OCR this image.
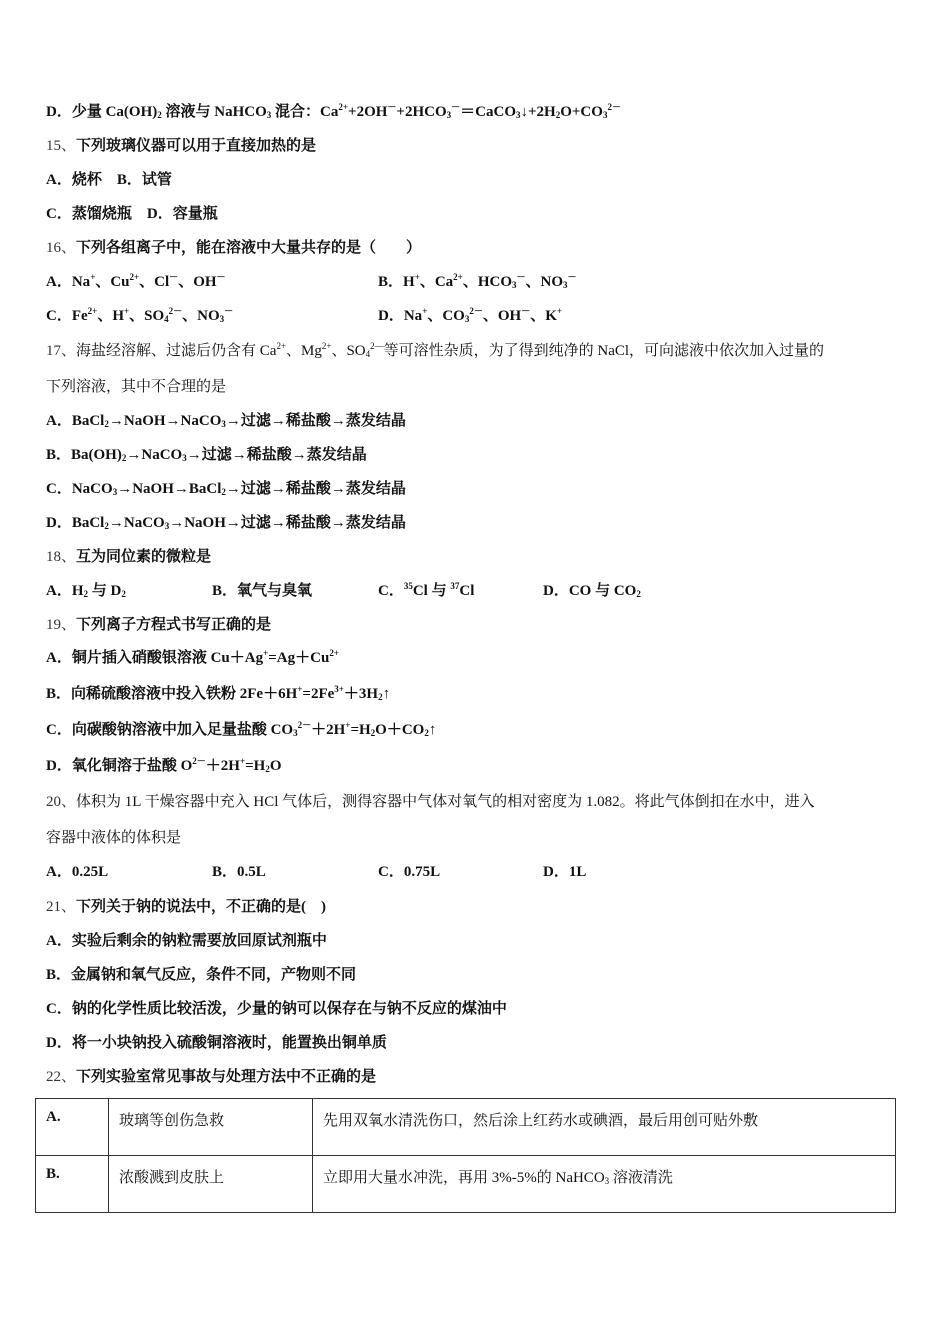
D．少量 $Ca(OH)_2$ 溶液与 NaHCO$_3$ 混合：$Ca^{2+}+2OH^-+2HCO_3^-=CaCO_3↓+2H_2O+CO_3^{2-}$
15、下列玻璃仪器可以用于直接加热的是
A．烧杯　 B．试管
C．蒸馏烧瓶　 D．容量瓶
16、下列各组离子中，能在溶液中大量共存的是（　　）
A．Na+、$Cu^{2+}$、Cl－、OH－	B．H+、$Ca^{2+}$、$HCO_3^-$、$NO_3^-$
C．$Fe^{2+}$、H+、$SO_4^{2-}$、$NO_3^-$	D．Na+、$CO_3^{2-}$、OH－、K+
17、海盐经溶解、过滤后仍含有 $Ca^{2+}$、$Mg^{2+}$、$SO_4^{2—}$等可溶性杂质，为了得到纯净的 NaCl，可向滤液中依次加入过量的
下列溶液，其中不合理的是
A．BaCl$_2$→NaOH→NaCO$_3$→过滤→稀盐酸→蒸发结晶
B．$Ba(OH)_2\to NaCO_3\to$过滤→稀盐酸→蒸发结晶
C．NaCO$_3$→NaOH→BaCl$_2$→过滤→稀盐酸→蒸发结晶
D．BaCl$_2$→NaCO$_3$→NaOH→过滤→稀盐酸→蒸发结晶
18、互为同位素的微粒是
A．$H_2$ 与 $D_2$	B．氧气与臭氧	C．$^{35}$Cl 与 $^{37}$Cl	D．CO 与 $CO_2$
19、下列离子方程式书写正确的是
A．铜片插入硝酸银溶液 $Cu+Ag^+=Ag+Cu^{2+}$
B．向稀硫酸溶液中投入铁粉 $2Fe+6H^+=2Fe^{3+}+3H_2↑$
C．向碳酸钠溶液中加入足量盐酸 $CO_3^{2-}+2H^+=H_2O+CO_2↑$
D．氧化铜溶于盐酸 $O^{2-}+2H^+=H_2O$
20、体积为 1L 干燥容器中充入 HCl 气体后，测得容器中气体对氧气的相对密度为 1.082。将此气体倒扣在水中，进入
容器中液体的体积是
A．0.25L	B．0.5L	C．0.75L	D．1L
21、下列关于钠的说法中，不正确的是(　)
A．实验后剩余的钠粒需要放回原试剂瓶中
B．金属钠和氧气反应，条件不同，产物则不同
C．钠的化学性质比较活泼，少量的钠可以保存在与钠不反应的煤油中
D．将一小块钠投入硫酸铜溶液时，能置换出铜单质
22、下列实验室常见事故与处理方法中不正确的是
A.	玻璃等创伤急救	先用双氧水清洗伤口，然后涂上红药水或碘酒，最后用创可贴外敷
B.	浓酸溅到皮肤上	立即用大量水冲洗，再用 3%-5%的 NaHCO$_3$ 溶液清洗
